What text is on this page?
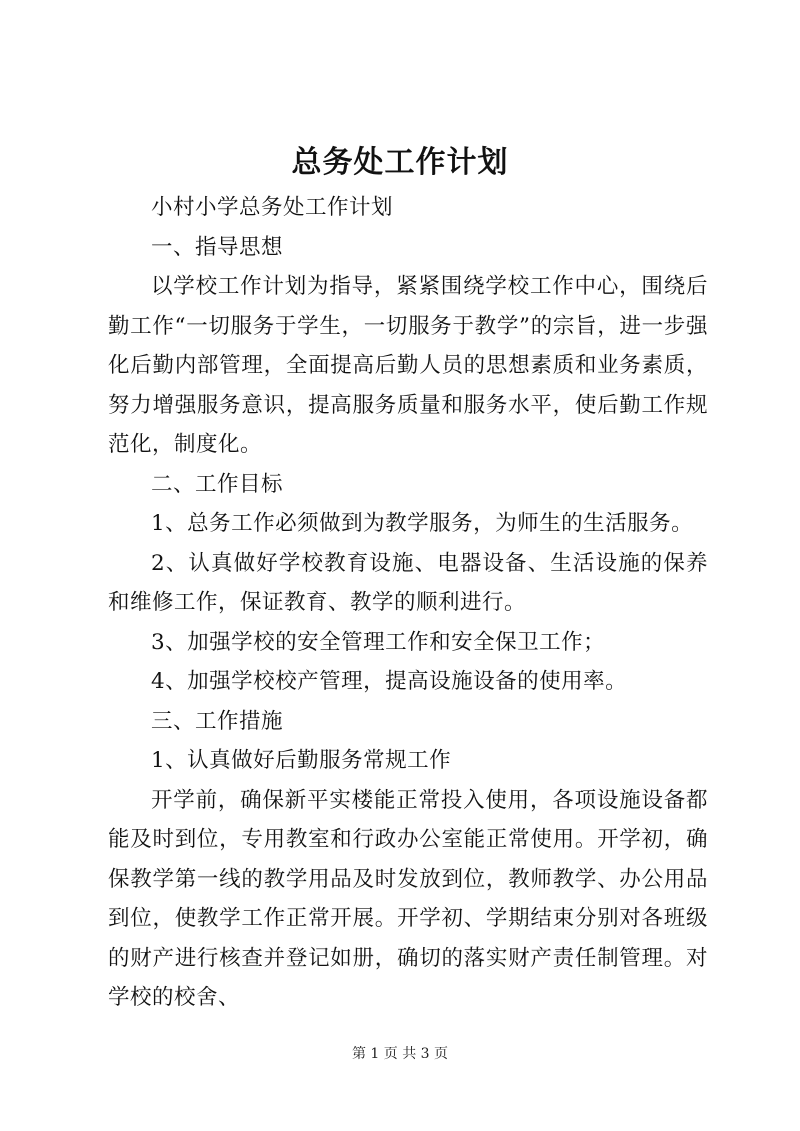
总务处工作计划

小村小学总务处工作计划

一、指导思想

以学校工作计划为指导，紧紧围绕学校工作中心，围绕后勤工作“一切服务于学生，一切服务于教学”的宗旨，进一步强化后勤内部管理，全面提高后勤人员的思想素质和业务素质，努力增强服务意识，提高服务质量和服务水平，使后勤工作规范化，制度化。

二、工作目标

1、总务工作必须做到为教学服务，为师生的生活服务。

2、认真做好学校教育设施、电器设备、生活设施的保养和维修工作，保证教育、教学的顺利进行。

3、加强学校的安全管理工作和安全保卫工作；

4、加强学校校产管理，提高设施设备的使用率。

三、工作措施

1、认真做好后勤服务常规工作

开学前，确保新平实楼能正常投入使用，各项设施设备都能及时到位，专用教室和行政办公室能正常使用。开学初，确保教学第一线的教学用品及时发放到位，教师教学、办公用品到位，使教学工作正常开展。开学初、学期结束分别对各班级的财产进行核查并登记如册，确切的落实财产责任制管理。对学校的校舍、

第 1 页 共 3 页
